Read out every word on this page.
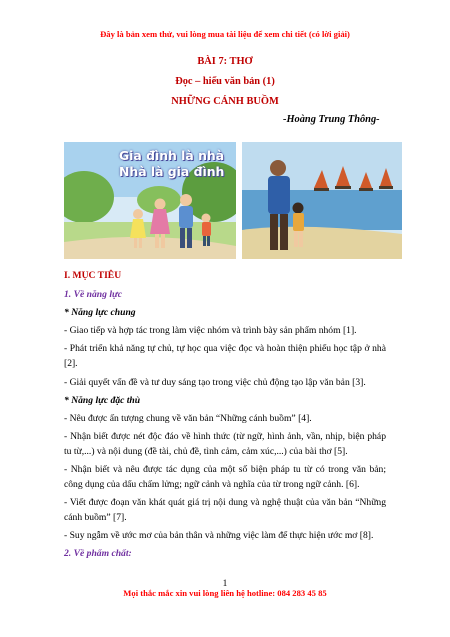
Đây là bản xem thử, vui lòng mua tài liệu để xem chi tiết (có lời giải)
BÀI 7: THƠ
Đọc – hiểu văn bản (1)
NHỮNG CÁNH BUỒM
-Hoàng Trung Thông-
Gia đình là nhà
Nhà là gia đình
I. MỤC TIÊU
1. Về năng lực
* Năng lực chung
- Giao tiếp và hợp tác trong làm việc nhóm và trình bày sản phẩm nhóm [1].
- Phát triển khả năng tự chủ, tự học qua việc đọc và hoàn thiện phiếu học tập ở nhà [2].
- Giải quyết vấn đề và tư duy sáng tạo trong việc chủ động tạo lập văn bản [3].
* Năng lực đặc thù
- Nêu được ấn tượng chung về văn bản “Những cánh buồm” [4].
- Nhận biết được nét độc đáo về hình thức (từ ngữ, hình ảnh, vần, nhịp, biện pháp tu từ,...) và nội dung (đề tài, chủ đề, tình cảm, cảm xúc,...) của bài thơ [5].
- Nhận biết và nêu được tác dụng của một số biện pháp tu từ có trong văn bản; công dụng của dấu chấm lửng; ngữ cảnh và nghĩa của từ trong ngữ cảnh. [6].
- Viết được đoạn văn khát quát giá trị nội dung và nghệ thuật của văn bản “Những cánh buồm” [7].
- Suy ngẫm về ước mơ của bản thân và những việc làm để thực hiện ước mơ [8].
2. Về phẩm chất:
1
Mọi thắc mắc xin vui lòng liên hệ hotline: 084 283 45 85
